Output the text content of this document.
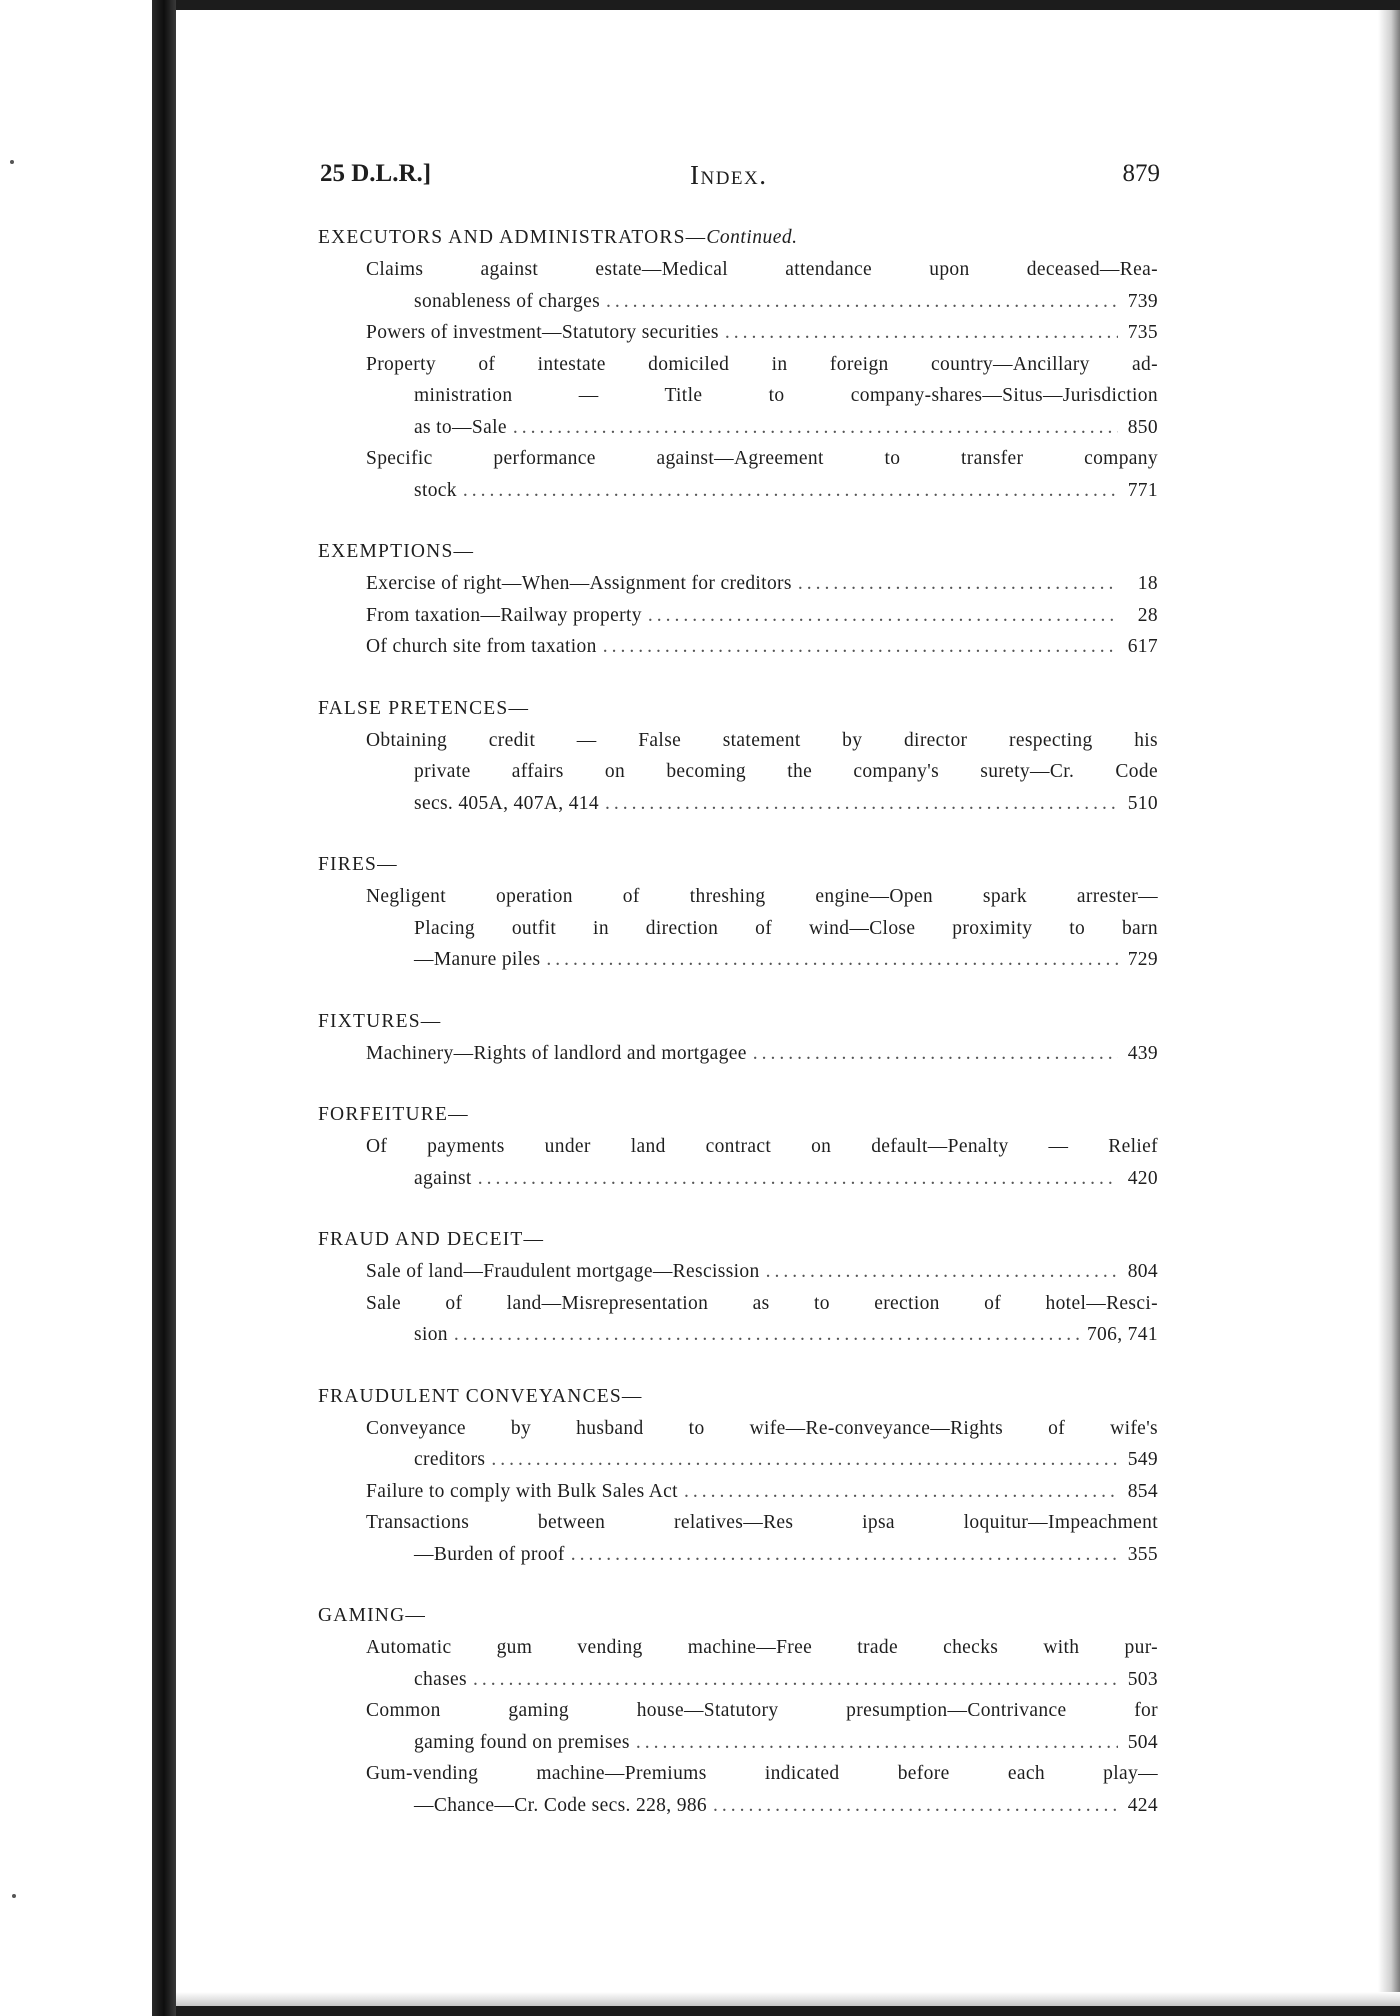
25 D.L.R.]	Index.	879
EXECUTORS AND ADMINISTRATORS—Continued.
Claims against estate—Medical attendance upon deceased—Rea-
sonableness of charges .....	739
Powers of investment—Statutory securities .....	735
Property of intestate domiciled in foreign country—Ancillary ad-
ministration — Title to company-shares—Situs—Jurisdiction
as to—Sale .....	850
Specific performance against—Agreement to transfer company
stock .....	771
EXEMPTIONS—
Exercise of right—When—Assignment for creditors .....	18
From taxation—Railway property .....	28
Of church site from taxation .....	617
FALSE PRETENCES—
Obtaining credit — False statement by director respecting his
private affairs on becoming the company's surety—Cr. Code
secs. 405A, 407A, 414 .....	510
FIRES—
Negligent operation of threshing engine—Open spark arrester—
Placing outfit in direction of wind—Close proximity to barn
—Manure piles .....	729
FIXTURES—
Machinery—Rights of landlord and mortgagee .....	439
FORFEITURE—
Of payments under land contract on default—Penalty — Relief
against .....	420
FRAUD AND DECEIT—
Sale of land—Fraudulent mortgage—Rescission .....	804
Sale of land—Misrepresentation as to erection of hotel—Resci-
sion .....	706, 741
FRAUDULENT CONVEYANCES—
Conveyance by husband to wife—Re-conveyance—Rights of wife's
creditors .....	549
Failure to comply with Bulk Sales Act .....	854
Transactions between relatives—Res ipsa loquitur—Impeachment
—Burden of proof .....	355
GAMING—
Automatic gum vending machine—Free trade checks with pur-
chases .....	503
Common gaming house—Statutory presumption—Contrivance for
gaming found on premises .....	504
Gum-vending machine—Premiums indicated before each play—
—Chance—Cr. Code secs. 228, 986 .....	424
